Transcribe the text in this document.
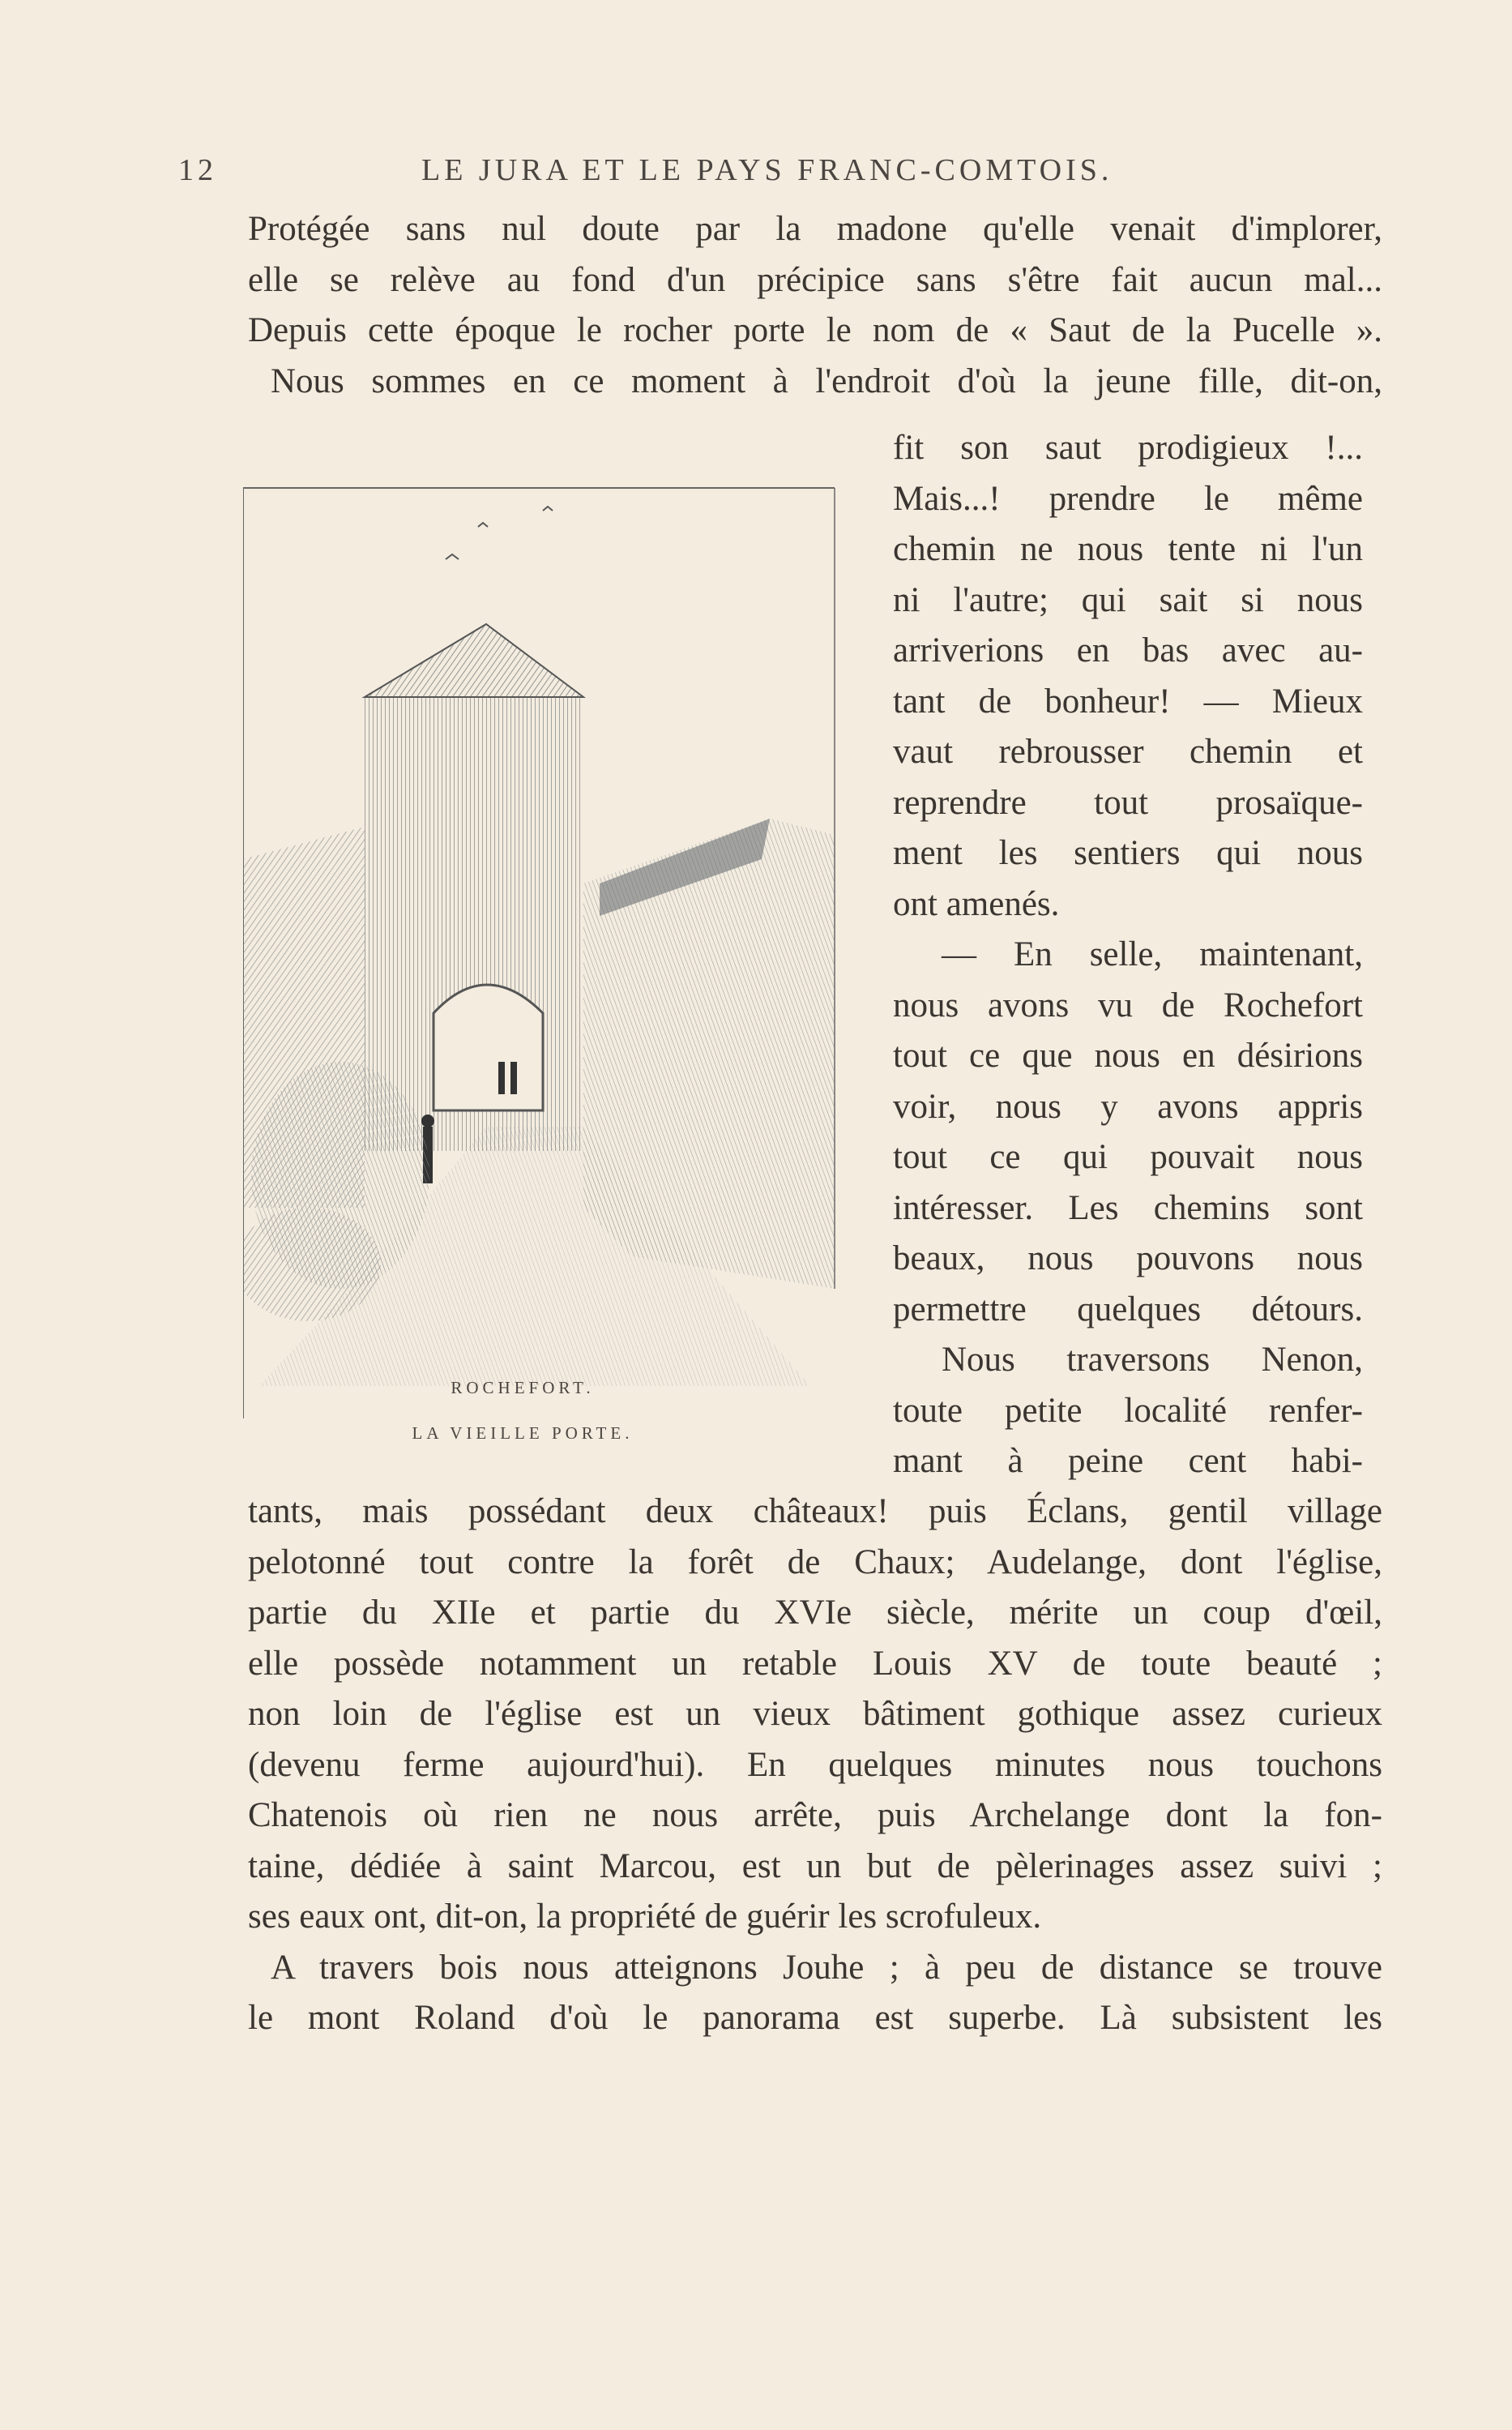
12	LE JURA ET LE PAYS FRANC-COMTOIS.
Protégée sans nul doute par la madone qu'elle venait d'implorer,
elle se relève au fond d'un précipice sans s'être fait aucun mal...
Depuis cette époque le rocher porte le nom de « Saut de la Pucelle ».
Nous sommes en ce moment à l'endroit d'où la jeune fille, dit-on,
ROCHEFORT.
LA VIEILLE PORTE.
fit son saut prodigieux !...
Mais...! prendre le même
chemin ne nous tente ni l'un
ni l'autre; qui sait si nous
arriverions en bas avec au-
tant de bonheur! — Mieux
vaut rebrousser chemin et
reprendre tout prosaïque-
ment les sentiers qui nous
ont amenés.
— En selle, maintenant,
nous avons vu de Rochefort
tout ce que nous en désirions
voir, nous y avons appris
tout ce qui pouvait nous
intéresser. Les chemins sont
beaux, nous pouvons nous
permettre quelques détours.
Nous traversons Nenon,
toute petite localité renfer-
mant à peine cent habi-
tants, mais possédant deux châteaux! puis Éclans, gentil village
pelotonné tout contre la forêt de Chaux; Audelange, dont l'église,
partie du XIIe et partie du XVIe siècle, mérite un coup d'œil,
elle possède notamment un retable Louis XV de toute beauté ;
non loin de l'église est un vieux bâtiment gothique assez curieux
(devenu ferme aujourd'hui). En quelques minutes nous touchons
Chatenois où rien ne nous arrête, puis Archelange dont la fon-
taine, dédiée à saint Marcou, est un but de pèlerinages assez suivi ;
ses eaux ont, dit-on, la propriété de guérir les scrofuleux.
A travers bois nous atteignons Jouhe ; à peu de distance se trouve
le mont Roland d'où le panorama est superbe. Là subsistent les
